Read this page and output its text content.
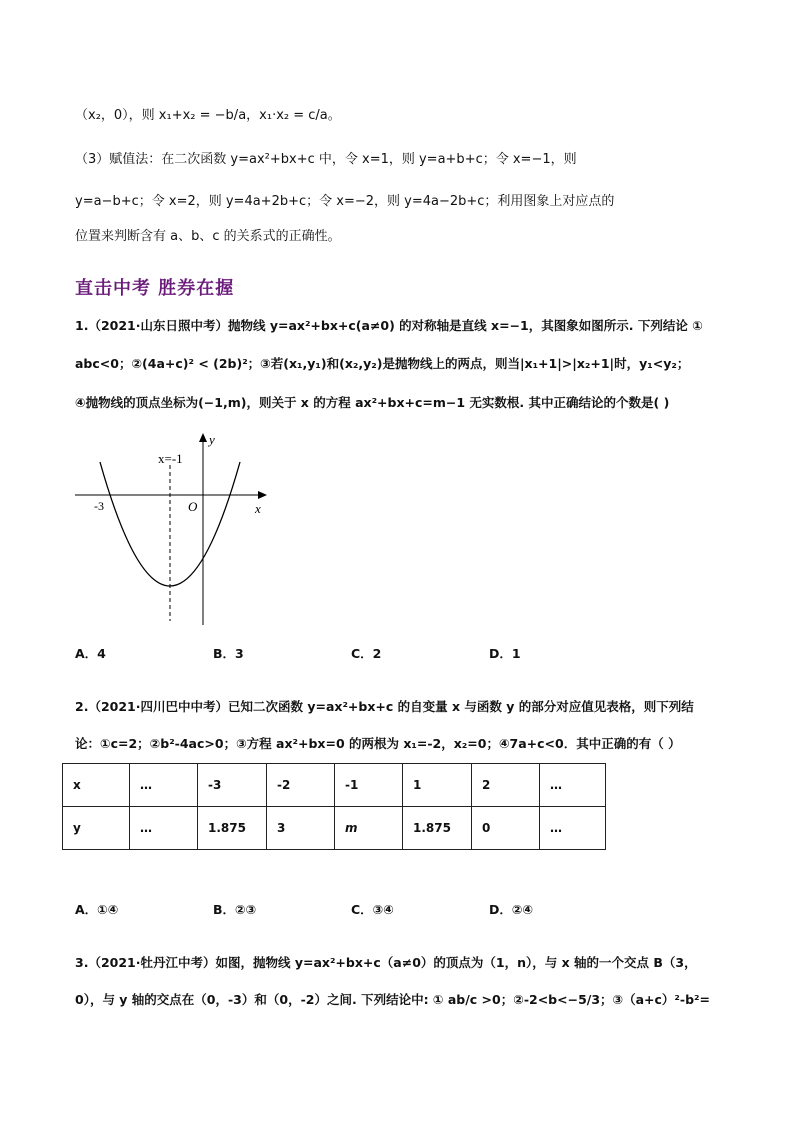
（x₂，0），则 x₁+x₂ = −b/a，x₁·x₂ = c/a。
（3）赋值法：在二次函数 y=ax²+bx+c 中，令 x=1，则 y=a+b+c；令 x=−1，则
y=a−b+c；令 x=2，则 y=4a+2b+c；令 x=−2，则 y=4a−2b+c；利用图象上对应点的
位置来判断含有 a、b、c 的关系式的正确性。
直击中考 胜券在握
1.（2021·山东日照中考）抛物线 y=ax²+bx+c(a≠0) 的对称轴是直线 x=−1，其图象如图所示. 下列结论 ①
abc<0；②(4a+c)² < (2b)²；③若(x₁,y₁)和(x₂,y₂)是抛物线上的两点，则当|x₁+1|>|x₂+1|时，y₁<y₂；
④抛物线的顶点坐标为(−1,m)，则关于 x 的方程 ax²+bx+c=m−1 无实数根. 其中正确结论的个数是( )
y
x
O
x=-1
-3
A．4	B．3	C．2	D．1
2.（2021·四川巴中中考）已知二次函数 y=ax²+bx+c 的自变量 x 与函数 y 的部分对应值见表格，则下列结
论：①c=2；②b²-4ac>0；③方程 ax²+bx=0 的两根为 x₁=-2，x₂=0；④7a+c<0．其中正确的有（ ）
x	…	-3	-2	-1	1	2	…
y	…	1.875	3	m	1.875	0	…
A．①④	B．②③	C．③④	D．②④
3.（2021·牡丹江中考）如图，抛物线 y=ax²+bx+c（a≠0）的顶点为（1，n），与 x 轴的一个交点 B（3，
0），与 y 轴的交点在（0，-3）和（0，-2）之间. 下列结论中: ① ab/c >0；②-2<b<−5/3；③（a+c）²-b²=
